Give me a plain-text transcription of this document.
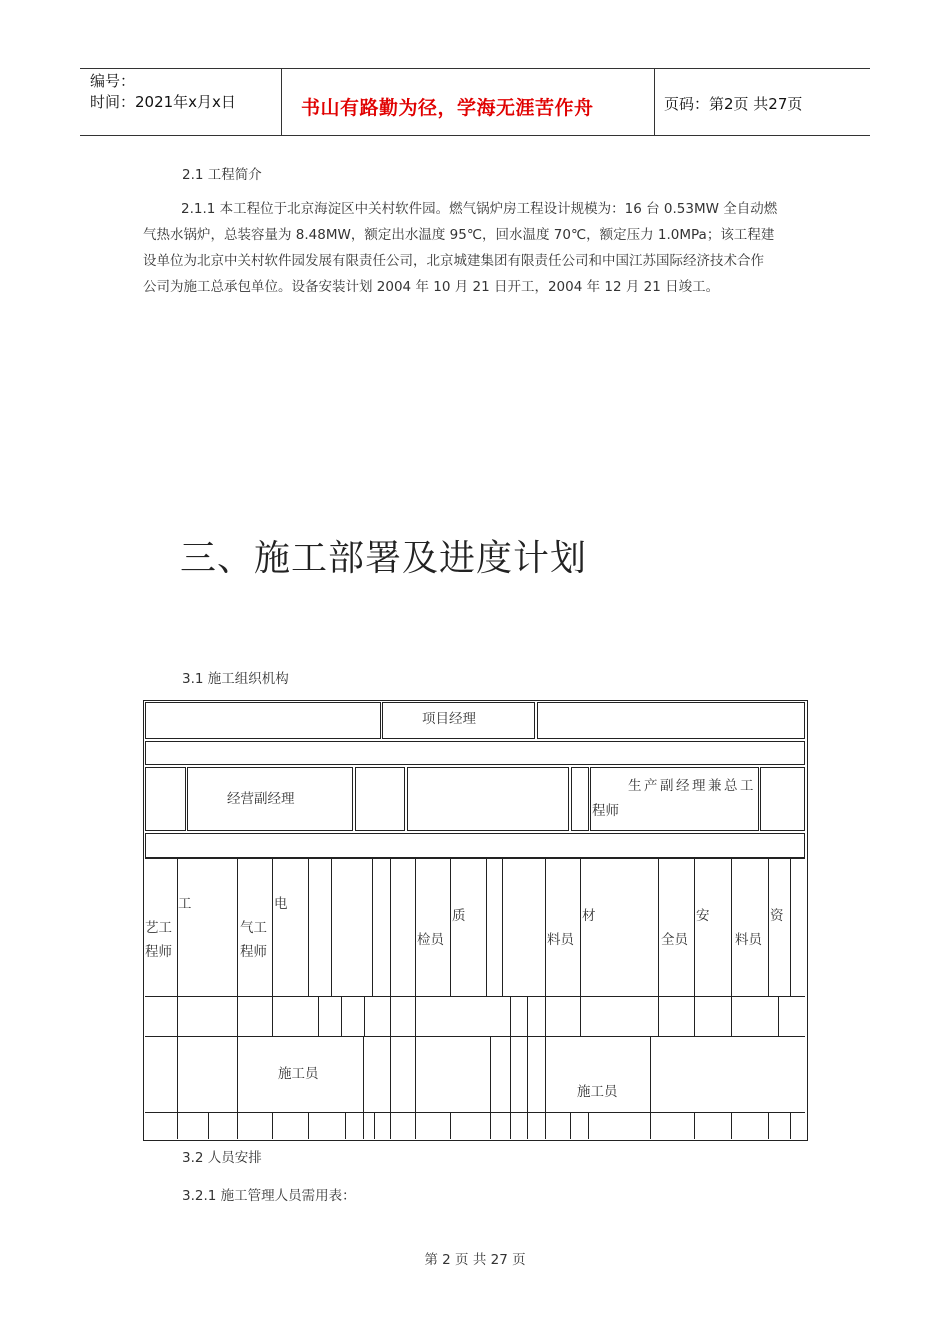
编号：
时间：2021年x月x日	书山有路勤为径，学海无涯苦作舟	页码：第2页 共27页
2.1 工程简介
2.1.1 本工程位于北京海淀区中关村软件园。燃气锅炉房工程设计规模为：16 台 0.53MW 全自动燃
气热水锅炉，总装容量为 8.48MW，额定出水温度 95℃，回水温度 70℃，额定压力 1.0MPa；该工程建
设单位为北京中关村软件园发展有限责任公司，北京城建集团有限责任公司和中国江苏国际经济技术合作
公司为施工总承包单位。设备安装计划 2004 年 10 月 21 日开工，2004 年 12 月 21 日竣工。
三、施工部署及进度计划
3.1 施工组织机构
项目经理
经营副经理
生产副经理兼总工
程师
工
艺工
程师
电
气工
程师
质
检员
材
料员
安
全员
资
料员
施工员
施工员
3.2 人员安排
3.2.1 施工管理人员需用表：
第 2 页 共 27 页
